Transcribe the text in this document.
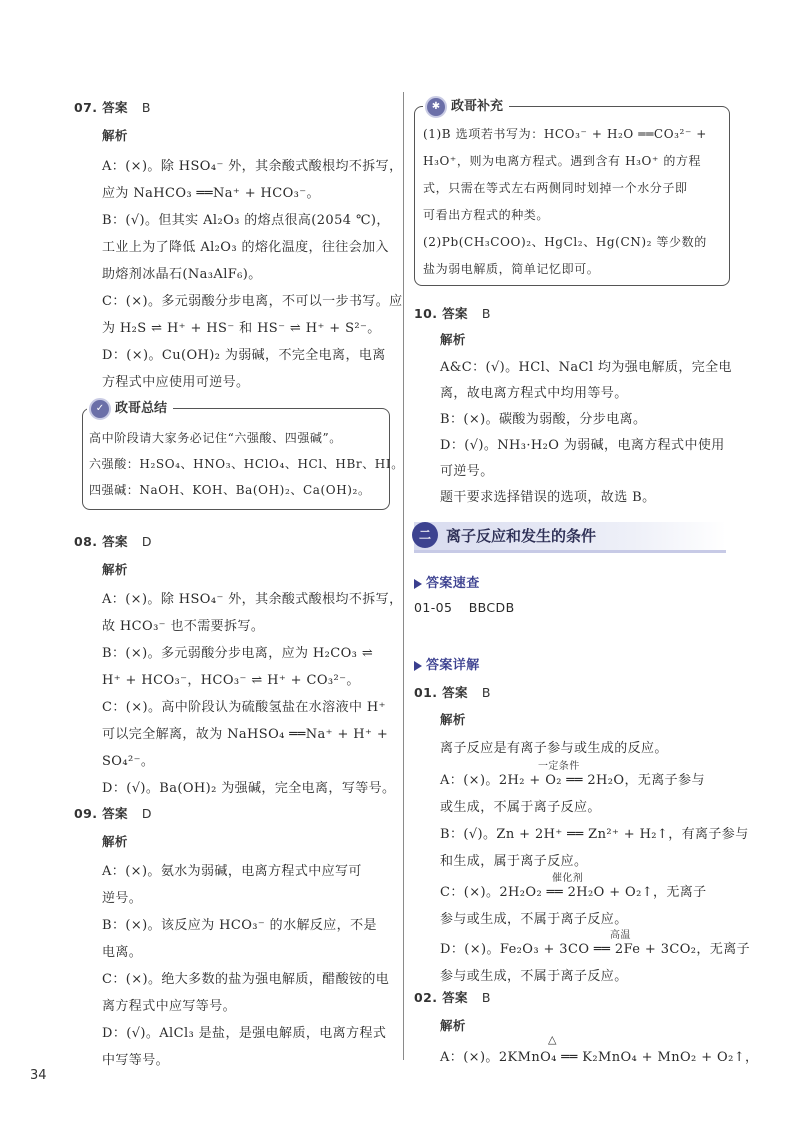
07. 答案 B
解析
A：(×)。除 HSO₄⁻ 外，其余酸式酸根均不拆写，
应为 NaHCO₃ ══Na⁺ + HCO₃⁻。
B：(√)。但其实 Al₂O₃ 的熔点很高(2054 ℃)，
工业上为了降低 Al₂O₃ 的熔化温度，往往会加入
助熔剂冰晶石(Na₃AlF₆)。
C：(×)。多元弱酸分步电离，不可以一步书写。应
为 H₂S ⇌ H⁺ + HS⁻ 和 HS⁻ ⇌ H⁺ + S²⁻。
D：(×)。Cu(OH)₂ 为弱碱，不完全电离，电离
方程式中应使用可逆号。
✓ 政哥总结
高中阶段请大家务必记住“六强酸、四强碱”。
六强酸：H₂SO₄、HNO₃、HClO₄、HCl、HBr、HI。
四强碱：NaOH、KOH、Ba(OH)₂、Ca(OH)₂。
08. 答案 D
解析
A：(×)。除 HSO₄⁻ 外，其余酸式酸根均不拆写，
故 HCO₃⁻ 也不需要拆写。
B：(×)。多元弱酸分步电离，应为 H₂CO₃ ⇌
H⁺ + HCO₃⁻，HCO₃⁻ ⇌ H⁺ + CO₃²⁻。
C：(×)。高中阶段认为硫酸氢盐在水溶液中 H⁺
可以完全解离，故为 NaHSO₄ ══Na⁺ + H⁺ +
SO₄²⁻。
D：(√)。Ba(OH)₂ 为强碱，完全电离，写等号。
09. 答案 D
解析
A：(×)。氨水为弱碱，电离方程式中应写可
逆号。
B：(×)。该反应为 HCO₃⁻ 的水解反应，不是
电离。
C：(×)。绝大多数的盐为强电解质，醋酸铵的电
离方程式中应写等号。
D：(√)。AlCl₃ 是盐，是强电解质，电离方程式
中写等号。
✱ 政哥补充
(1)B 选项若书写为：HCO₃⁻ + H₂O ══CO₃²⁻ +
H₃O⁺，则为电离方程式。遇到含有 H₃O⁺ 的方程
式，只需在等式左右两侧同时划掉一个水分子即
可看出方程式的种类。
(2)Pb(CH₃COO)₂、HgCl₂、Hg(CN)₂ 等少数的
盐为弱电解质，简单记忆即可。
10. 答案 B
解析
A&C：(√)。HCl、NaCl 均为强电解质，完全电
离，故电离方程式中均用等号。
B：(×)。碳酸为弱酸，分步电离。
D：(√)。NH₃·H₂O 为弱碱，电离方程式中使用
可逆号。
题干要求选择错误的选项，故选 B。
二	离子反应和发生的条件
答案速查
01-05 BBCDB
答案详解
01. 答案 B
解析
离子反应是有离子参与或生成的反应。
一定条件
A：(×)。2H₂ + O₂ ══ 2H₂O，无离子参与
或生成，不属于离子反应。
B：(√)。Zn + 2H⁺ ══ Zn²⁺ + H₂↑，有离子参与
和生成，属于离子反应。
催化剂
C：(×)。2H₂O₂ ══ 2H₂O + O₂↑，无离子
参与或生成，不属于离子反应。
高温
D：(×)。Fe₂O₃ + 3CO ══ 2Fe + 3CO₂，无离子
参与或生成，不属于离子反应。
02. 答案 B
解析
△
A：(×)。2KMnO₄ ══ K₂MnO₄ + MnO₂ + O₂↑，
34
